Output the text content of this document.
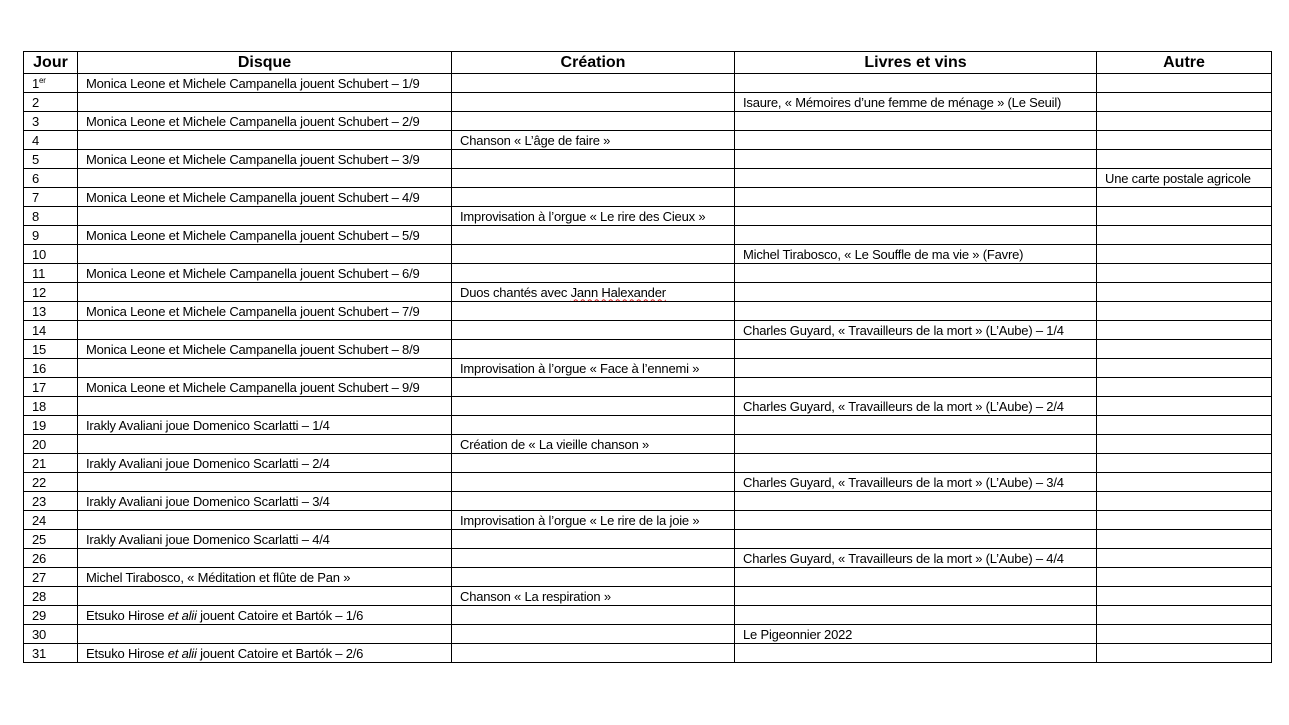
Jour	Disque	Création	Livres et vins	Autre
1er	Monica Leone et Michele Campanella jouent Schubert – 1/9			
2			Isaure, « Mémoires d’une femme de ménage » (Le Seuil)	
3	Monica Leone et Michele Campanella jouent Schubert – 2/9			
4		Chanson « L’âge de faire »		
5	Monica Leone et Michele Campanella jouent Schubert – 3/9			
6				Une carte postale agricole
7	Monica Leone et Michele Campanella jouent Schubert – 4/9			
8		Improvisation à l’orgue « Le rire des Cieux »		
9	Monica Leone et Michele Campanella jouent Schubert – 5/9			
10			Michel Tirabosco, « Le Souffle de ma vie » (Favre)	
11	Monica Leone et Michele Campanella jouent Schubert – 6/9			
12		Duos chantés avec Jann Halexander		
13	Monica Leone et Michele Campanella jouent Schubert – 7/9			
14			Charles Guyard, « Travailleurs de la mort » (L’Aube) – 1/4	
15	Monica Leone et Michele Campanella jouent Schubert – 8/9			
16		Improvisation à l’orgue « Face à l’ennemi »		
17	Monica Leone et Michele Campanella jouent Schubert – 9/9			
18			Charles Guyard, « Travailleurs de la mort » (L’Aube) – 2/4	
19	Irakly Avaliani joue Domenico Scarlatti – 1/4			
20		Création de « La vieille chanson »		
21	Irakly Avaliani joue Domenico Scarlatti – 2/4			
22			Charles Guyard, « Travailleurs de la mort » (L’Aube) – 3/4	
23	Irakly Avaliani joue Domenico Scarlatti – 3/4			
24		Improvisation à l’orgue « Le rire de la joie »		
25	Irakly Avaliani joue Domenico Scarlatti – 4/4			
26			Charles Guyard, « Travailleurs de la mort » (L’Aube) – 4/4	
27	Michel Tirabosco, « Méditation et flûte de Pan »			
28		Chanson « La respiration »		
29	Etsuko Hirose et alii jouent Catoire et Bartók – 1/6			
30			Le Pigeonnier 2022	
31	Etsuko Hirose et alii jouent Catoire et Bartók – 2/6			
